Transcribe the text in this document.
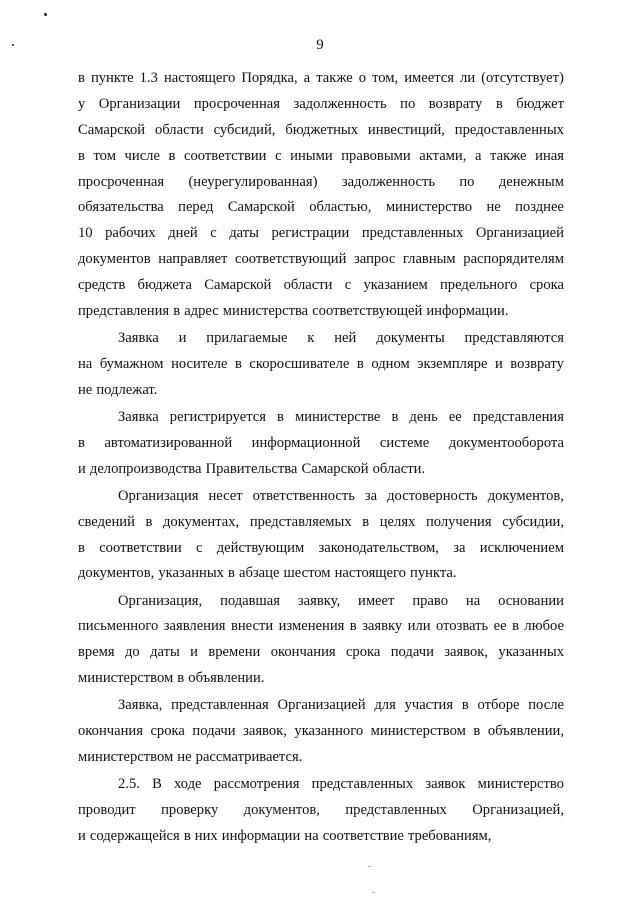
9
в пункте 1.3 настоящего Порядка, а также о том, имеется ли (отсутствует)
у Организации просроченная задолженность по возврату в бюджет
Самарской области субсидий, бюджетных инвестиций, предоставленных
в том числе в соответствии с иными правовыми актами, а также иная
просроченная (неурегулированная) задолженность по денежным
обязательства перед Самарской областью, министерство не позднее
10 рабочих дней с даты регистрации представленных Организацией
документов направляет соответствующий запрос главным распорядителям
средств бюджета Самарской области с указанием предельного срока
представления в адрес министерства соответствующей информации.
Заявка и прилагаемые к ней документы представляются
на бумажном носителе в скоросшивателе в одном экземпляре и возврату
не подлежат.
Заявка регистрируется в министерстве в день ее представления
в автоматизированной информационной системе документооборота
и делопроизводства Правительства Самарской области.
Организация несет ответственность за достоверность документов,
сведений в документах, представляемых в целях получения субсидии,
в соответствии с действующим законодательством, за исключением
документов, указанных в абзаце шестом настоящего пункта.
Организация, подавшая заявку, имеет право на основании
письменного заявления внести изменения в заявку или отозвать ее в любое
время до даты и времени окончания срока подачи заявок, указанных
министерством в объявлении.
Заявка, представленная Организацией для участия в отборе после
окончания срока подачи заявок, указанного министерством в объявлении,
министерством не рассматривается.
2.5. В ходе рассмотрения представленных заявок министерство
проводит проверку документов, представленных Организацией,
и содержащейся в них информации на соответствие требованиям,
